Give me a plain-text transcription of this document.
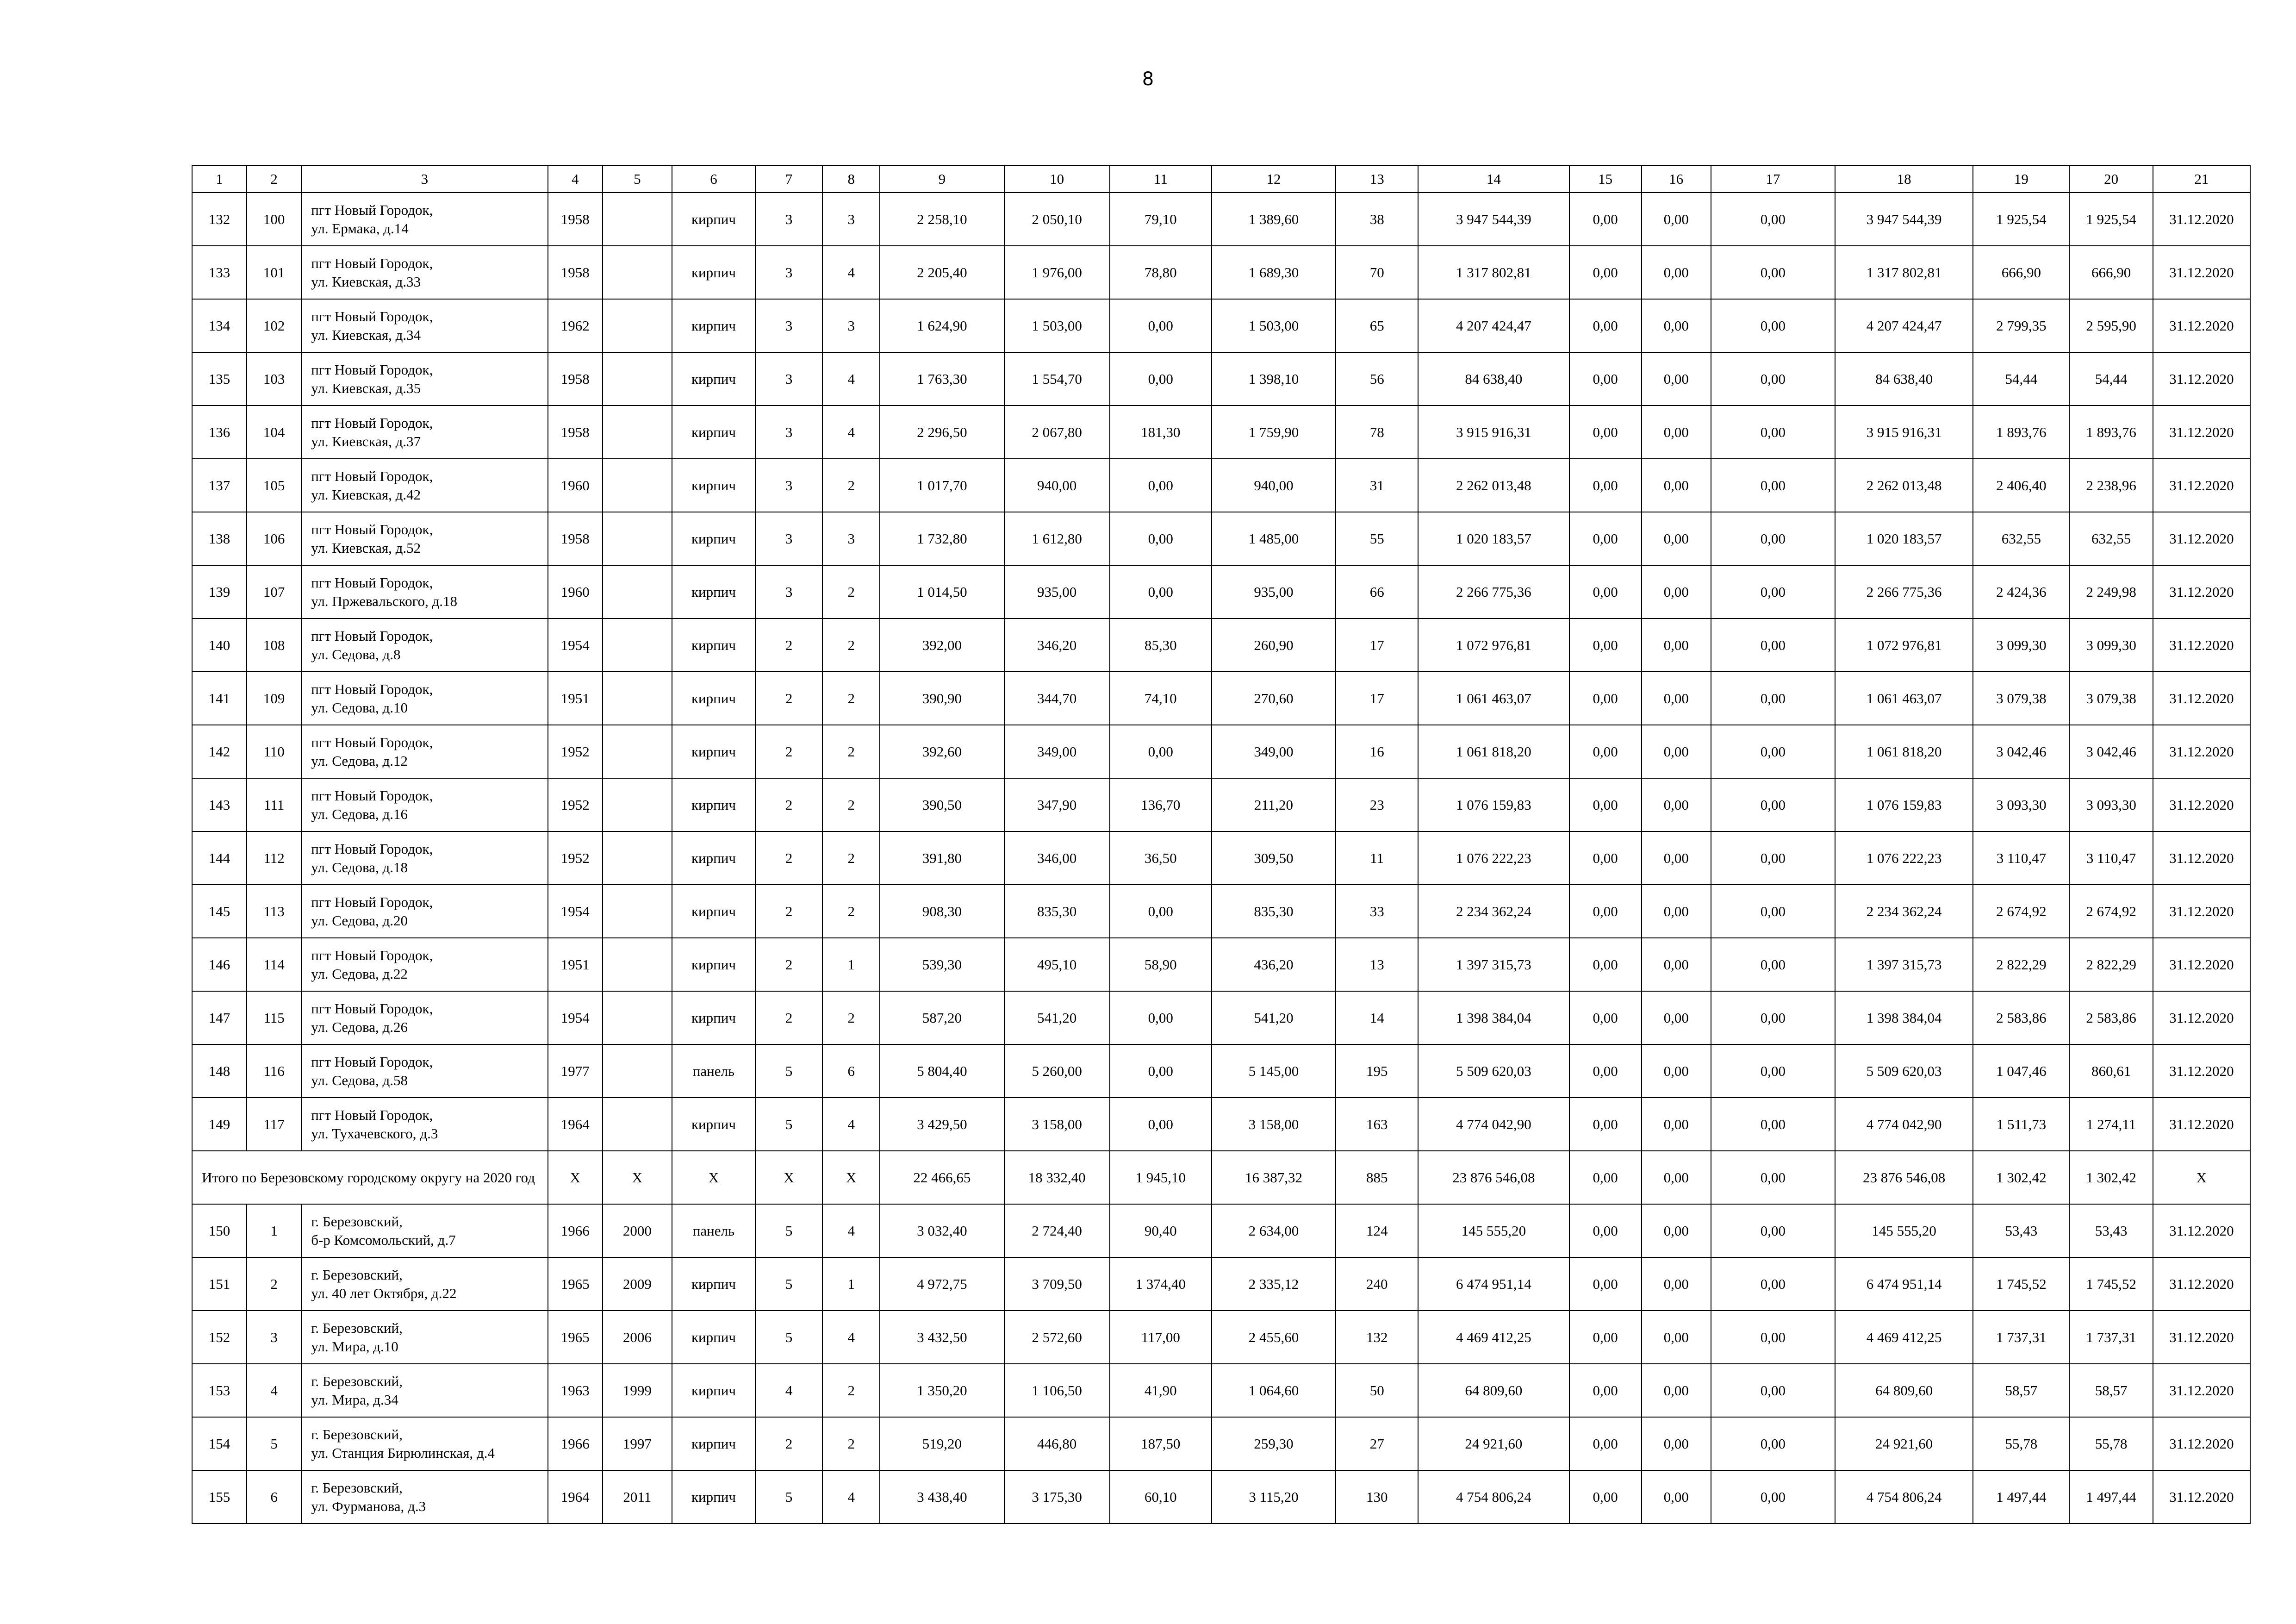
8
1	2	3	4	5	6	7	8	9	10	11	12	13	14	15	16	17	18	19	20	21
132	100	пгт Новый Городок,
ул. Ермака, д.14	1958		кирпич	3	3	2 258,10	2 050,10	79,10	1 389,60	38	3 947 544,39	0,00	0,00	0,00	3 947 544,39	1 925,54	1 925,54	31.12.2020
133	101	пгт Новый Городок,
ул. Киевская, д.33	1958		кирпич	3	4	2 205,40	1 976,00	78,80	1 689,30	70	1 317 802,81	0,00	0,00	0,00	1 317 802,81	666,90	666,90	31.12.2020
134	102	пгт Новый Городок,
ул. Киевская, д.34	1962		кирпич	3	3	1 624,90	1 503,00	0,00	1 503,00	65	4 207 424,47	0,00	0,00	0,00	4 207 424,47	2 799,35	2 595,90	31.12.2020
135	103	пгт Новый Городок,
ул. Киевская, д.35	1958		кирпич	3	4	1 763,30	1 554,70	0,00	1 398,10	56	84 638,40	0,00	0,00	0,00	84 638,40	54,44	54,44	31.12.2020
136	104	пгт Новый Городок,
ул. Киевская, д.37	1958		кирпич	3	4	2 296,50	2 067,80	181,30	1 759,90	78	3 915 916,31	0,00	0,00	0,00	3 915 916,31	1 893,76	1 893,76	31.12.2020
137	105	пгт Новый Городок,
ул. Киевская, д.42	1960		кирпич	3	2	1 017,70	940,00	0,00	940,00	31	2 262 013,48	0,00	0,00	0,00	2 262 013,48	2 406,40	2 238,96	31.12.2020
138	106	пгт Новый Городок,
ул. Киевская, д.52	1958		кирпич	3	3	1 732,80	1 612,80	0,00	1 485,00	55	1 020 183,57	0,00	0,00	0,00	1 020 183,57	632,55	632,55	31.12.2020
139	107	пгт Новый Городок,
ул. Пржевальского, д.18	1960		кирпич	3	2	1 014,50	935,00	0,00	935,00	66	2 266 775,36	0,00	0,00	0,00	2 266 775,36	2 424,36	2 249,98	31.12.2020
140	108	пгт Новый Городок,
ул. Седова, д.8	1954		кирпич	2	2	392,00	346,20	85,30	260,90	17	1 072 976,81	0,00	0,00	0,00	1 072 976,81	3 099,30	3 099,30	31.12.2020
141	109	пгт Новый Городок,
ул. Седова, д.10	1951		кирпич	2	2	390,90	344,70	74,10	270,60	17	1 061 463,07	0,00	0,00	0,00	1 061 463,07	3 079,38	3 079,38	31.12.2020
142	110	пгт Новый Городок,
ул. Седова, д.12	1952		кирпич	2	2	392,60	349,00	0,00	349,00	16	1 061 818,20	0,00	0,00	0,00	1 061 818,20	3 042,46	3 042,46	31.12.2020
143	111	пгт Новый Городок,
ул. Седова, д.16	1952		кирпич	2	2	390,50	347,90	136,70	211,20	23	1 076 159,83	0,00	0,00	0,00	1 076 159,83	3 093,30	3 093,30	31.12.2020
144	112	пгт Новый Городок,
ул. Седова, д.18	1952		кирпич	2	2	391,80	346,00	36,50	309,50	11	1 076 222,23	0,00	0,00	0,00	1 076 222,23	3 110,47	3 110,47	31.12.2020
145	113	пгт Новый Городок,
ул. Седова, д.20	1954		кирпич	2	2	908,30	835,30	0,00	835,30	33	2 234 362,24	0,00	0,00	0,00	2 234 362,24	2 674,92	2 674,92	31.12.2020
146	114	пгт Новый Городок,
ул. Седова, д.22	1951		кирпич	2	1	539,30	495,10	58,90	436,20	13	1 397 315,73	0,00	0,00	0,00	1 397 315,73	2 822,29	2 822,29	31.12.2020
147	115	пгт Новый Городок,
ул. Седова, д.26	1954		кирпич	2	2	587,20	541,20	0,00	541,20	14	1 398 384,04	0,00	0,00	0,00	1 398 384,04	2 583,86	2 583,86	31.12.2020
148	116	пгт Новый Городок,
ул. Седова, д.58	1977		панель	5	6	5 804,40	5 260,00	0,00	5 145,00	195	5 509 620,03	0,00	0,00	0,00	5 509 620,03	1 047,46	860,61	31.12.2020
149	117	пгт Новый Городок,
ул. Тухачевского, д.3	1964		кирпич	5	4	3 429,50	3 158,00	0,00	3 158,00	163	4 774 042,90	0,00	0,00	0,00	4 774 042,90	1 511,73	1 274,11	31.12.2020
Итого по Березовскому городскому округу на 2020 год			X	X	X	X	X	22 466,65	18 332,40	1 945,10	16 387,32	885	23 876 546,08	0,00	0,00	0,00	23 876 546,08	1 302,42	1 302,42	X
150	1	г. Березовский,
б-р Комсомольский, д.7	1966	2000	панель	5	4	3 032,40	2 724,40	90,40	2 634,00	124	145 555,20	0,00	0,00	0,00	145 555,20	53,43	53,43	31.12.2020
151	2	г. Березовский,
ул. 40 лет Октября, д.22	1965	2009	кирпич	5	1	4 972,75	3 709,50	1 374,40	2 335,12	240	6 474 951,14	0,00	0,00	0,00	6 474 951,14	1 745,52	1 745,52	31.12.2020
152	3	г. Березовский,
ул. Мира, д.10	1965	2006	кирпич	5	4	3 432,50	2 572,60	117,00	2 455,60	132	4 469 412,25	0,00	0,00	0,00	4 469 412,25	1 737,31	1 737,31	31.12.2020
153	4	г. Березовский,
ул. Мира, д.34	1963	1999	кирпич	4	2	1 350,20	1 106,50	41,90	1 064,60	50	64 809,60	0,00	0,00	0,00	64 809,60	58,57	58,57	31.12.2020
154	5	г. Березовский,
ул. Станция Бирюлинская, д.4	1966	1997	кирпич	2	2	519,20	446,80	187,50	259,30	27	24 921,60	0,00	0,00	0,00	24 921,60	55,78	55,78	31.12.2020
155	6	г. Березовский,
ул. Фурманова, д.3	1964	2011	кирпич	5	4	3 438,40	3 175,30	60,10	3 115,20	130	4 754 806,24	0,00	0,00	0,00	4 754 806,24	1 497,44	1 497,44	31.12.2020
